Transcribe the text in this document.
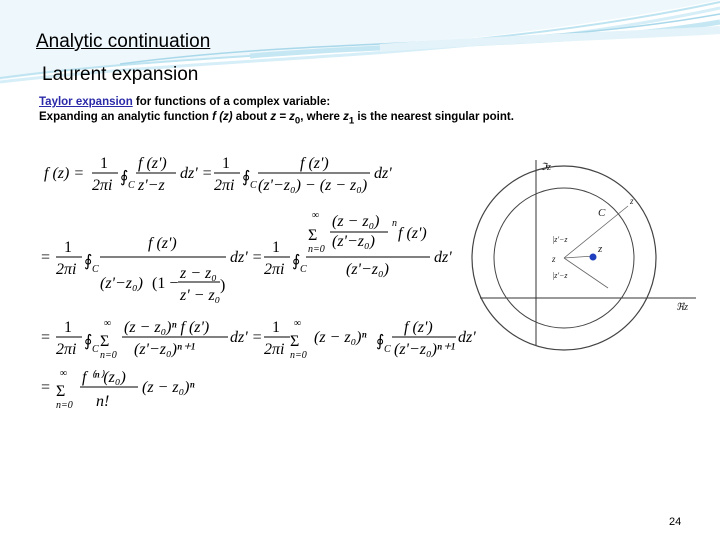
Analytic continuation
Laurent expansion
Taylor expansion for functions of a complex variable:
Expanding an analytic function f (z) about $z = z_0$, where $z_1$ is the nearest singular point.
f (z) =
1
2πi ∮ C
f (z')
z'−z
dz' =
1
2πi ∮ C
f (z')
(z'−z₀) − (z − z₀)
dz'
=
1
2πi ∮ C
f (z')
(z'−z₀) (1 −
z − z₀
z' − z₀
)
dz' =
1
2πi ∮ C
∞
Σ
n=0
(z − z₀)
(z'−z₀)
n
f (z')
(z'−z₀)
dz'
=
1
2πi ∮ C
∞
Σ
n=0
(z − z₀)ⁿ f (z')
(z'−z₀)ⁿ⁺¹
dz' =
1
2πi
∞
Σ
n=0
(z − z₀)ⁿ ∮ C
f (z')
(z'−z₀)ⁿ⁺¹
dz'
=
∞
Σ
n=0
f ⁽ⁿ⁾(z₀)
n!
(z − z₀)ⁿ
ℑz
ℜz
C
z
z
|z'−z
|z'−z
z
24
